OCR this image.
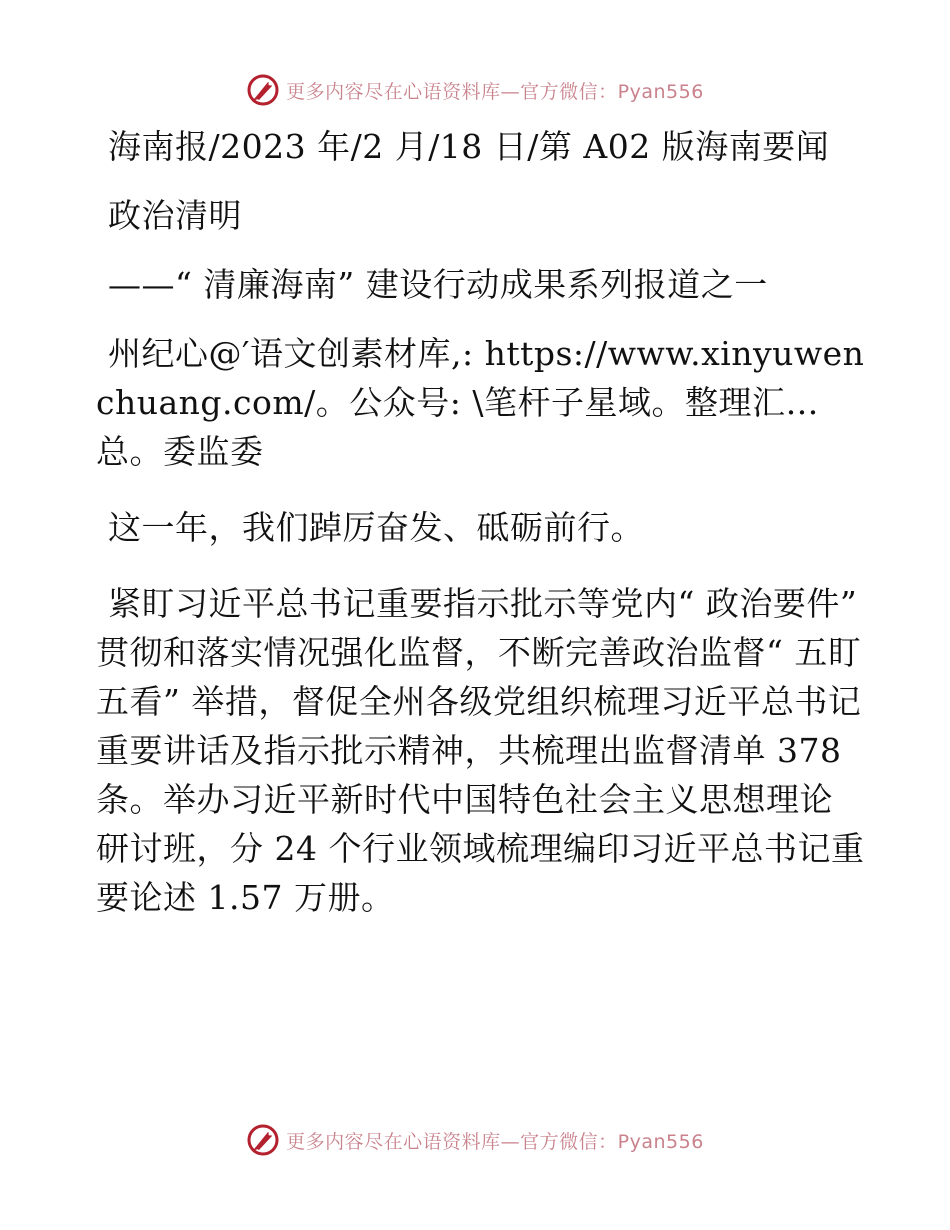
更多内容尽在心语资料库—官方微信：Pyan556

海南报/2023 年/2 月/18 日/第 A02 版海南要闻

政治清明

——“ 清廉海南” 建设行动成果系列报道之一

州纪心@′语文创素材库,: https://www.xinyuwenchuang.com/。公众号: \笔杆子星域。整理汇…总。委监委

这一年，我们踔厉奋发、砥砺前行。

紧盯习近平总书记重要指示批示等党内“ 政治要件” 贯彻和落实情况强化监督，不断完善政治监督“ 五盯五看” 举措，督促全州各级党组织梳理习近平总书记重要讲话及指示批示精神，共梳理出监督清单 378 条。举办习近平新时代中国特色社会主义思想理论研讨班，分 24 个行业领域梳理编印习近平总书记重要论述 1.57 万册。

更多内容尽在心语资料库—官方微信：Pyan556
